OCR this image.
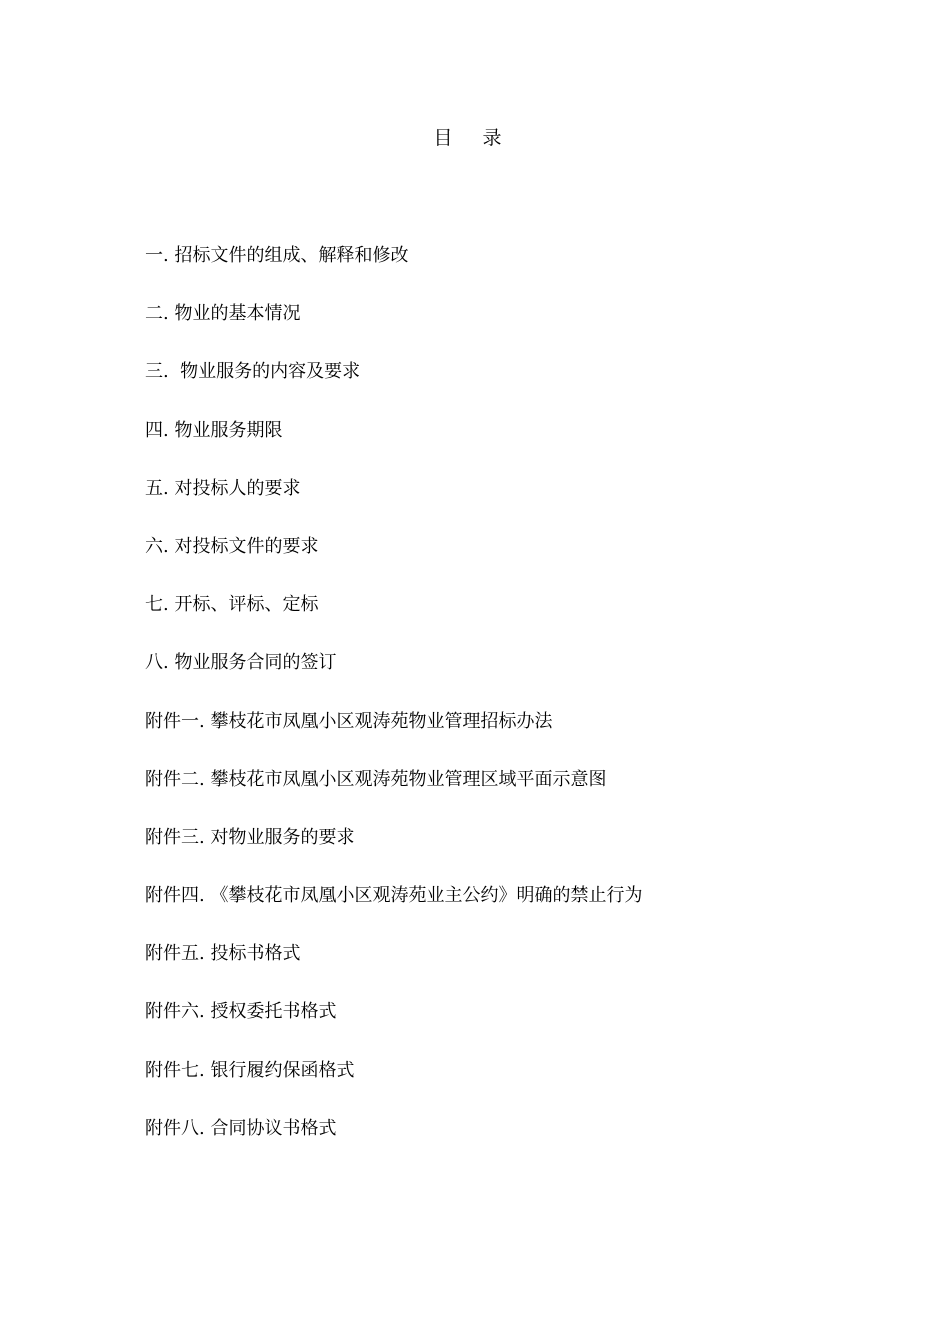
目录
一. 招标文件的组成、解释和修改
二. 物业的基本情况
三.  物业服务的内容及要求
四. 物业服务期限
五. 对投标人的要求
六. 对投标文件的要求
七. 开标、评标、定标
八. 物业服务合同的签订
附件一. 攀枝花市凤凰小区观涛苑物业管理招标办法
附件二. 攀枝花市凤凰小区观涛苑物业管理区域平面示意图
附件三. 对物业服务的要求
附件四. 《攀枝花市凤凰小区观涛苑业主公约》明确的禁止行为
附件五. 投标书格式
附件六. 授权委托书格式
附件七. 银行履约保函格式
附件八. 合同协议书格式
